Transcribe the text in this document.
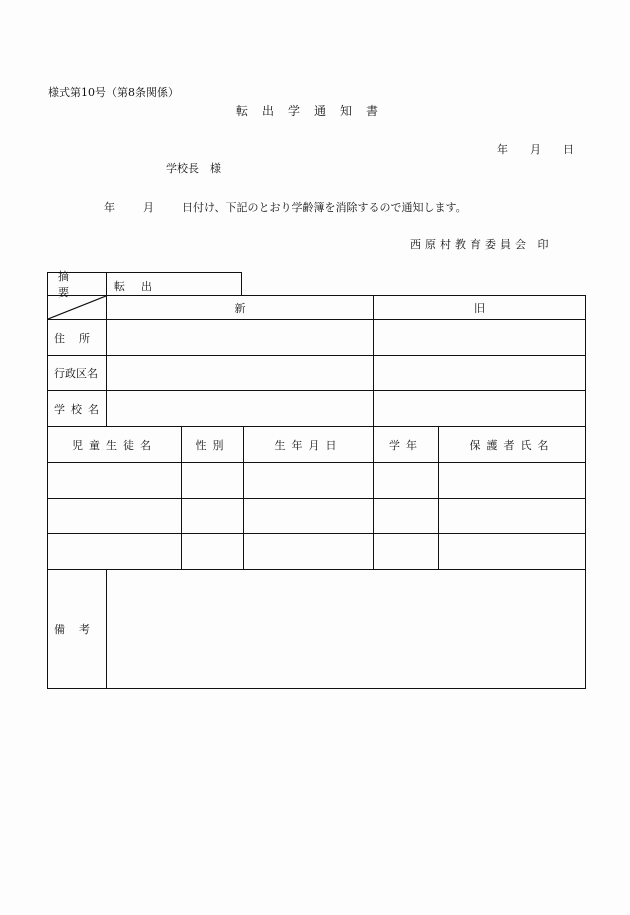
様式第10号（第8条関係）
転出学通知書
年 月 日
学校長　様
年	月	日付け、下記のとおり学齢簿を消除するので通知します。
西原村教育委員会 印
摘要	転出
	新			旧	
住所					
行政区名					
学校名					
児童生徒名		性別	生年月日	学年	保護者氏名

備考					
